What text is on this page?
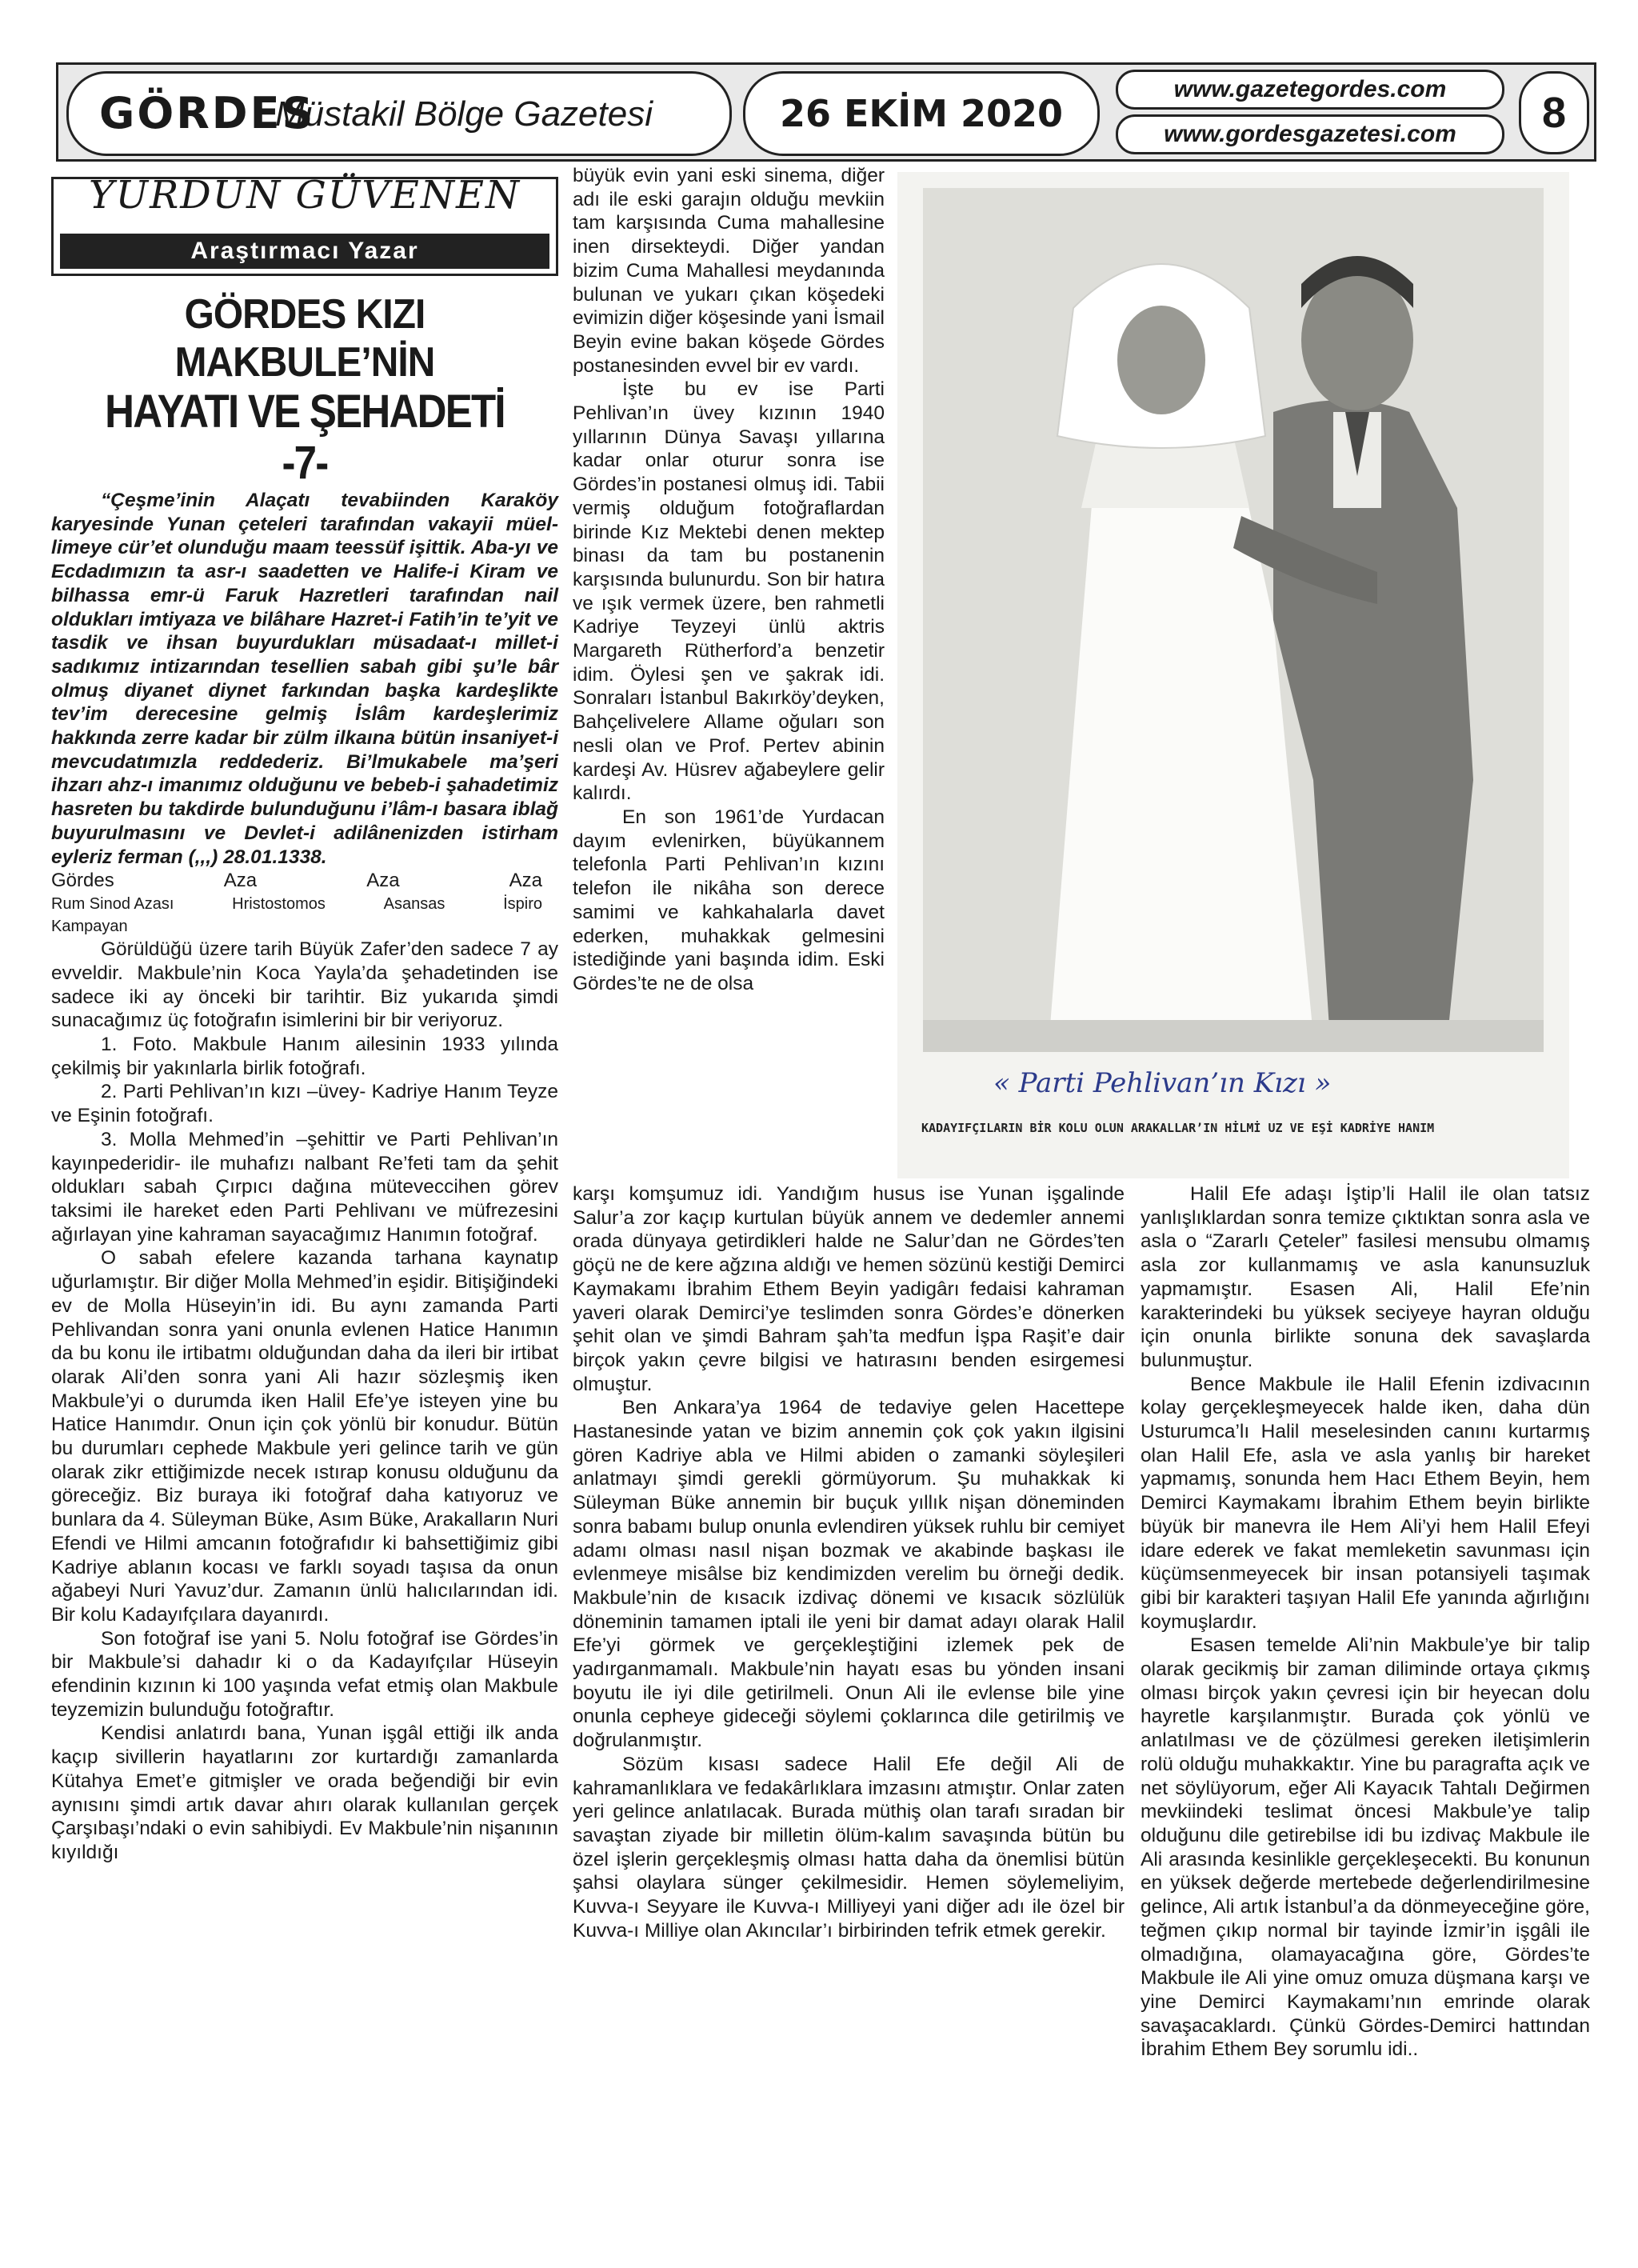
GÖRDES
Müstakil Bölge Gazetesi	26 EKİM 2020
www.gazetegordes.com
www.gordesgazetesi.com	8
YURDUN GÜVENEN
Araştırmacı Yazar
GÖRDES KIZI MAKBULE’NİN
HAYATI VE ŞEHADETİ -7-

“Çeşme’inin Alaçatı tevabiinden Karaköy karyesinde Yunan çeteleri tarafından vakayii müel-limeye cür’et olunduğu maam teessüf işittik. Aba-yı ve Ecdadımızın ta asr-ı saadetten ve Halife-i Kiram ve bilhassa emr-ü Faruk Hazretleri tarafından nail oldukları imtiyaza ve bilâhare Hazret-i Fatih’in te’yit ve tasdik ve ihsan buyurdukları müsadaat-ı millet-i sadıkımız intizarından tesellien sabah gibi şu’le bâr olmuş diyanet diynet farkından başka kardeşlikte tev’im derecesine gelmiş İslâm kardeşlerimiz hakkında zerre kadar bir zülm ilkaına bütün insaniyet-i mevcudatımızla reddederiz. Bi’lmukabele ma’şeri ihzarı ahz-ı imanımız olduğunu ve bebeb-i şahadetimiz hasreten bu takdirde bulunduğunu i’lâm-ı basara iblağ buyurulmasını ve Devlet-i adilânenizden istirham eyleriz ferman (,,,) 28.01.1338.

Gördes	Aza	Aza	Aza
Rum Sinod Azası	Hristostomos	Asansas	İspiro
Kampayan

Görüldüğü üzere tarih Büyük Zafer’den sadece 7 ay evveldir. Makbule’nin Koca Yayla’da şehadetinden ise sadece iki ay önceki bir tarihtir. Biz yukarıda şimdi sunacağımız üç fotoğrafın isimlerini bir bir veriyoruz.

1. Foto. Makbule Hanım ailesinin 1933 yılında çekilmiş bir yakınlarla birlik fotoğrafı.

2. Parti Pehlivan’ın kızı –üvey- Kadriye Hanım Teyze ve Eşinin fotoğrafı.

3. Molla Mehmed’in –şehittir ve Parti Pehlivan’ın kayınpederidir- ile muhafızı nalbant Re’feti tam da şehit oldukları sabah Çırpıcı dağına müteveccihen görev taksimi ile hareket eden Parti Pehlivanı ve müfrezesini ağırlayan yine kahraman sayacağımız Hanımın fotoğraf.

O sabah efelere kazanda tarhana kaynatıp uğurlamıştır. Bir diğer Molla Mehmed’in eşidir. Bitişiğindeki ev de Molla Hüseyin’in idi. Bu aynı zamanda Parti Pehlivandan sonra yani onunla evlenen Hatice Hanımın da bu konu ile irtibatmı olduğundan daha da ileri bir irtibat olarak Ali’den sonra yani Ali hazır sözleşmiş iken Makbule’yi o durumda iken Halil Efe’ye isteyen yine bu Hatice Hanımdır. Onun için çok yönlü bir konudur. Bütün bu durumları cephede Makbule yeri gelince tarih ve gün olarak zikr ettiğimizde necek ıstırap konusu olduğunu da göreceğiz. Biz buraya iki fotoğraf daha katıyoruz ve bunlara da 4. Süleyman Büke, Asım Büke, Arakalların Nuri Efendi ve Hilmi amcanın fotoğrafıdır ki bahsettiğimiz gibi Kadriye ablanın kocası ve farklı soyadı taşısa da onun ağabeyi Nuri Yavuz’dur. Zamanın ünlü halıcılarından idi. Bir kolu Kadayıfçılara dayanırdı.

Son fotoğraf ise yani 5. Nolu fotoğraf ise Gördes’in bir Makbule’si dahadır ki o da Kadayıfçılar Hüseyin efendinin kızının ki 100 yaşında vefat etmiş olan Makbule teyzemizin bulunduğu fotoğraftır.

Kendisi anlatırdı bana, Yunan işgâl ettiği ilk anda kaçıp sivillerin hayatlarını zor kurtardığı zamanlarda Kütahya Emet’e gitmişler ve orada beğendiği bir evin aynısını şimdi artık davar ahırı olarak kullanılan gerçek Çarşıbaşı’ndaki o evin sahibiydi. Ev Makbule’nin nişanının kıyıldığı

büyük evin yani eski sinema, diğer adı ile eski garajın olduğu mevkiin tam karşısında Cuma mahallesine inen dirsekteydi. Diğer yandan bizim Cuma Mahallesi meydanında bulunan ve yukarı çıkan köşedeki evimizin diğer köşesinde yani İsmail Beyin evine bakan köşede Gördes postanesinden evvel bir ev vardı.

İşte bu ev ise Parti Pehlivan’ın üvey kızının 1940 yıllarının Dünya Savaşı yıllarına kadar onlar oturur sonra ise Gördes’in postanesi olmuş idi. Tabii vermiş olduğum fotoğraflardan birinde Kız Mektebi denen mektep binası da tam bu postanenin karşısında bulunurdu. Son bir hatıra ve ışık vermek üzere, ben rahmetli Kadriye Teyzeyi ünlü aktris Margareth Rütherford’a benzetir idim. Öylesi şen ve şakrak idi. Sonraları İstanbul Bakırköy’deyken, Bahçelivelere Allame oğuları son nesli olan ve Prof. Pertev abinin kardeşi Av. Hüsrev ağabeylere gelir kalırdı.

En son 1961’de Yurdacan dayım evlenirken, büyükannem telefonla Parti Pehlivan’ın kızını telefon ile nikâha son derece samimi ve kahkahalarla davet ederken, muhakkak gelmesini istediğinde yani başında idim. Eski Gördes’te ne de olsa

« Parti Pehlivan’ın Kızı »
KADAYIFÇILARIN BİR KOLU OLUN ARAKALLAR’IN HİLMİ UZ VE EŞİ KADRİYE HANIM

karşı komşumuz idi. Yandığım husus ise Yunan işgalinde Salur’a zor kaçıp kurtulan büyük annem ve dedemler annemi orada dünyaya getirdikleri halde ne Salur’dan ne Gördes’ten göçü ne de kere ağzına aldığı ve hemen sözünü kestiği Demirci Kaymakamı İbrahim Ethem Beyin yadigârı fedaisi kahraman yaveri olarak Demirci’ye teslimden sonra Gördes’e dönerken şehit olan ve şimdi Bahram şah’ta medfun İşpa Raşit’e dair birçok yakın çevre bilgisi ve hatırasını benden esirgemesi olmuştur.

Ben Ankara’ya 1964 de tedaviye gelen Hacettepe Hastanesinde yatan ve bizim annemin çok çok yakın ilgisini gören Kadriye abla ve Hilmi abiden o zamanki söyleşileri anlatmayı şimdi gerekli görmüyorum. Şu muhakkak ki Süleyman Büke annemin bir buçuk yıllık nişan döneminden sonra babamı bulup onunla evlendiren yüksek ruhlu bir cemiyet adamı olması nasıl nişan bozmak ve akabinde başkası ile evlenmeye misâlse biz kendimizden verelim bu örneği dedik. Makbule’nin de kısacık izdivaç dönemi ve kısacık sözlülük döneminin tamamen iptali ile yeni bir damat adayı olarak Halil Efe’yi görmek ve gerçekleştiğini izlemek pek de yadırganmamalı. Makbule’nin hayatı esas bu yönden insani boyutu ile iyi dile getirilmeli. Onun Ali ile evlense bile yine onunla cepheye gideceği söylemi çoklarınca dile getirilmiş ve doğrulanmıştır.

Sözüm kısası sadece Halil Efe değil Ali de kahramanlıklara ve fedakârlıklara imzasını atmıştır. Onlar zaten yeri gelince anlatılacak. Burada müthiş olan tarafı sıradan bir savaştan ziyade bir milletin ölüm-kalım savaşında bütün bu özel işlerin gerçekleşmiş olması hatta daha da önemlisi bütün şahsi olaylara sünger çekilmesidir. Hemen söylemeliyim, Kuvva-ı Seyyare ile Kuvva-ı Milliyeyi yani diğer adı ile özel bir Kuvva-ı Milliye olan Akıncılar’ı birbirinden tefrik etmek gerekir.

Halil Efe adaşı İştip’li Halil ile olan tatsız yanlışlıklardan sonra temize çıktıktan sonra asla ve asla o “Zararlı Çeteler” fasilesi mensubu olmamış asla zor kullanmamış ve asla kanunsuzluk yapmamıştır. Esasen Ali, Halil Efe’nin karakterindeki bu yüksek seciyeye hayran olduğu için onunla birlikte sonuna dek savaşlarda bulunmuştur.

Bence Makbule ile Halil Efenin izdivacının kolay gerçekleşmeyecek halde iken, daha dün Usturumca’lı Halil meselesinden canını kurtarmış olan Halil Efe, asla ve asla yanlış bir hareket yapmamış, sonunda hem Hacı Ethem Beyin, hem Demirci Kaymakamı İbrahim Ethem beyin birlikte büyük bir manevra ile Hem Ali’yi hem Halil Efeyi idare ederek ve fakat memleketin savunması için küçümsenmeyecek bir insan potansiyeli taşımak gibi bir karakteri taşıyan Halil Efe yanında ağırlığını koymuşlardır.

Esasen temelde Ali’nin Makbule’ye bir talip olarak gecikmiş bir zaman diliminde ortaya çıkmış olması birçok yakın çevresi için bir heyecan dolu hayretle karşılanmıştır. Burada çok yönlü ve anlatılması ve de çözülmesi gereken iletişimlerin rolü olduğu muhakkaktır. Yine bu paragrafta açık ve net söylüyorum, eğer Ali Kayacık Tahtalı Değirmen mevkiindeki teslimat öncesi Makbule’ye talip olduğunu dile getirebilse idi bu izdivaç Makbule ile Ali arasında kesinlikle gerçekleşecekti. Bu konunun en yüksek değerde mertebede değerlendirilmesine gelince, Ali artık İstanbul’a da dönmeyeceğine göre, teğmen çıkıp normal bir tayinde İzmir’in işgâli ile olmadığına, olamayacağına göre, Gördes’te Makbule ile Ali yine omuz omuza düşmana karşı ve yine Demirci Kaymakamı’nın emrinde olarak savaşacaklardı. Çünkü Gördes-Demirci hattından İbrahim Ethem Bey sorumlu idi..
